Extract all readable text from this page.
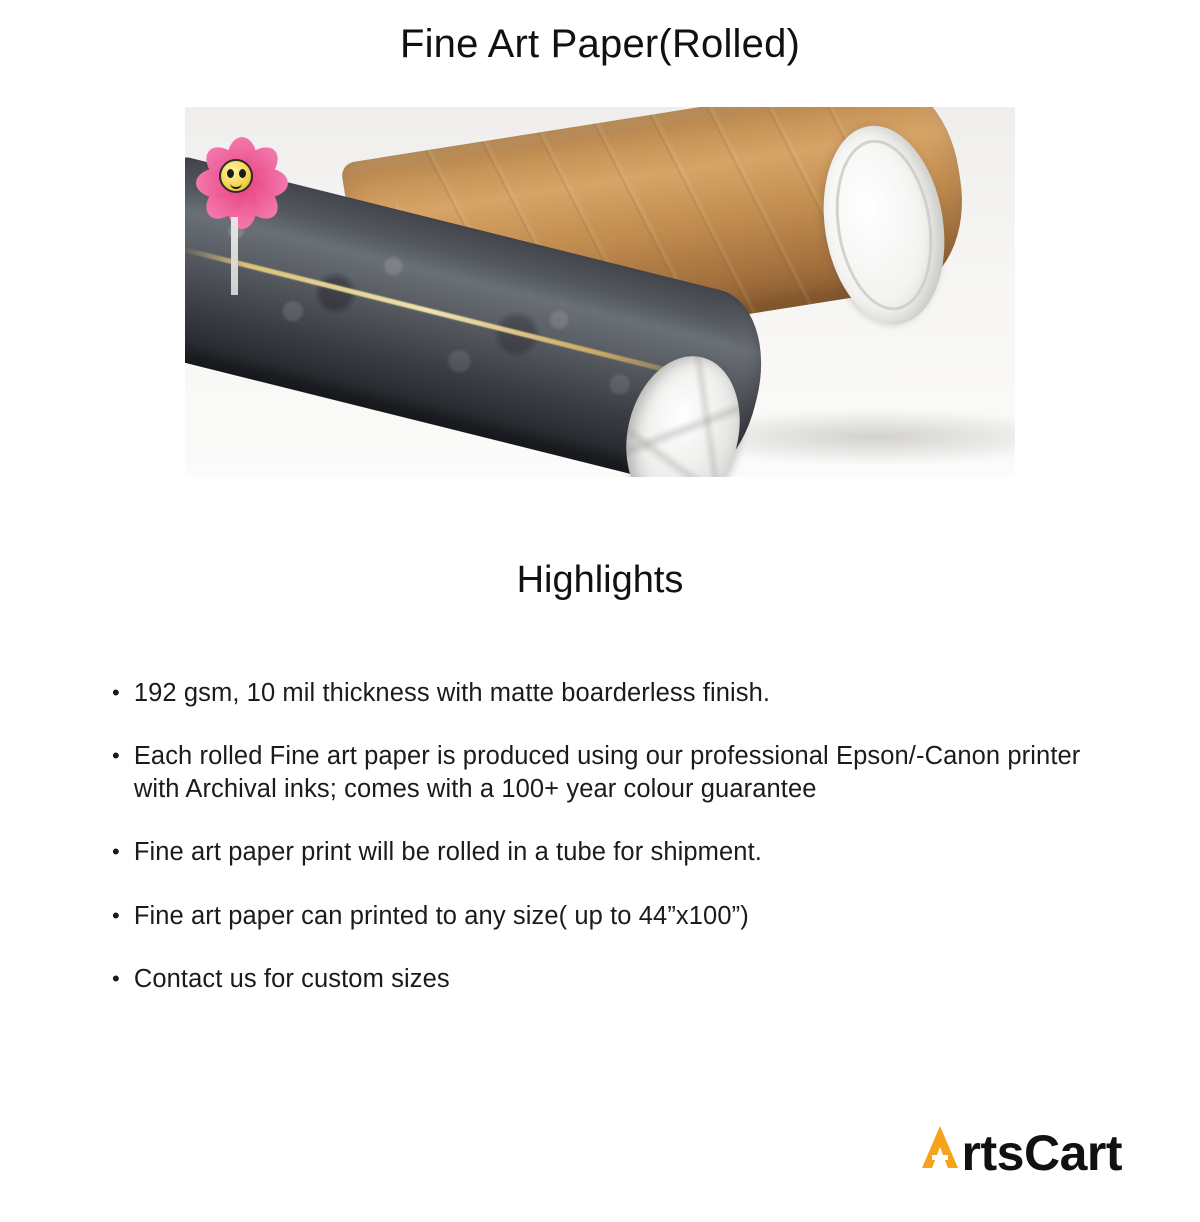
Fine Art Paper(Rolled)
Highlights
• 192 gsm, 10 mil thickness with matte boarderless finish.
• Each rolled Fine art paper is produced using our professional Epson/-Canon printer with Archival inks; comes with a 100+ year colour guarantee
• Fine art paper print will be rolled in a tube for shipment.
• Fine art paper can printed to any size( up to 44”x100”)
• Contact us for custom sizes
rtsCart
